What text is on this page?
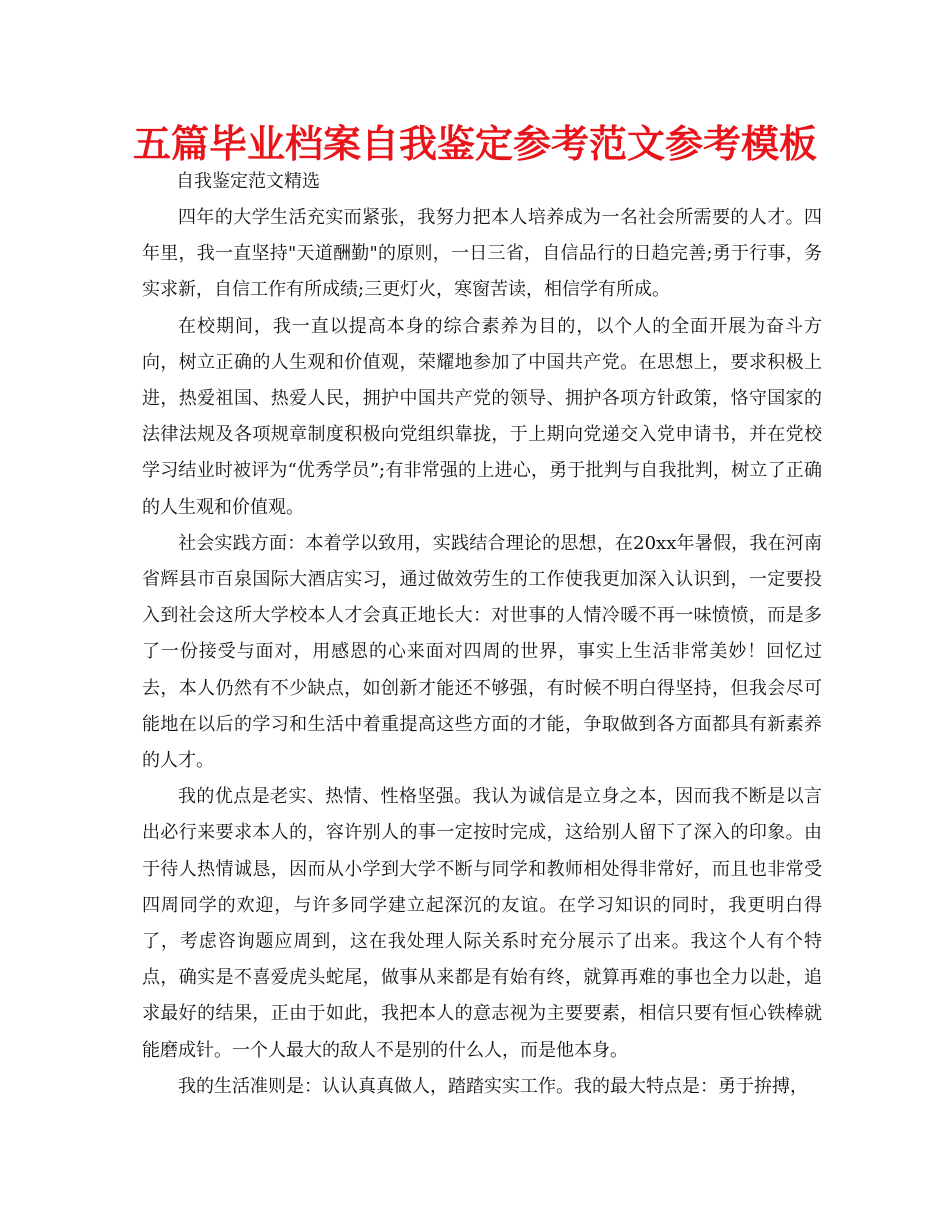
五篇毕业档案自我鉴定参考范文参考模板

自我鉴定范文精选

四年的大学生活充实而紧张，我努力把本人培养成为一名社会所需要的人才。四年里，我一直坚持"天道酬勤"的原则，一日三省，自信品行的日趋完善;勇于行事，务实求新，自信工作有所成绩;三更灯火，寒窗苦读，相信学有所成。

在校期间，我一直以提高本身的综合素养为目的，以个人的全面开展为奋斗方向，树立正确的人生观和价值观，荣耀地参加了中国共产党。在思想上，要求积极上进，热爱祖国、热爱人民，拥护中国共产党的领导、拥护各项方针政策，恪守国家的法律法规及各项规章制度积极向党组织靠拢，于上期向党递交入党申请书，并在党校学习结业时被评为“优秀学员”;有非常强的上进心，勇于批判与自我批判，树立了正确的人生观和价值观。

社会实践方面：本着学以致用，实践结合理论的思想，在20xx年暑假，我在河南省辉县市百泉国际大酒店实习，通过做效劳生的工作使我更加深入认识到，一定要投入到社会这所大学校本人才会真正地长大：对世事的人情冷暖不再一味愤愤，而是多了一份接受与面对，用感恩的心来面对四周的世界，事实上生活非常美妙！回忆过去，本人仍然有不少缺点，如创新才能还不够强，有时候不明白得坚持，但我会尽可能地在以后的学习和生活中着重提高这些方面的才能，争取做到各方面都具有新素养的人才。

我的优点是老实、热情、性格坚强。我认为诚信是立身之本，因而我不断是以言出必行来要求本人的，容许别人的事一定按时完成，这给别人留下了深入的印象。由于待人热情诚恳，因而从小学到大学不断与同学和教师相处得非常好，而且也非常受四周同学的欢迎，与许多同学建立起深沉的友谊。在学习知识的同时，我更明白得了，考虑咨询题应周到，这在我处理人际关系时充分展示了出来。我这个人有个特点，确实是不喜爱虎头蛇尾，做事从来都是有始有终，就算再难的事也全力以赴，追求最好的结果，正由于如此，我把本人的意志视为主要要素，相信只要有恒心铁棒就能磨成针。一个人最大的敌人不是别的什么人，而是他本身。

我的生活准则是：认认真真做人，踏踏实实工作。我的最大特点是：勇于拚搏，
